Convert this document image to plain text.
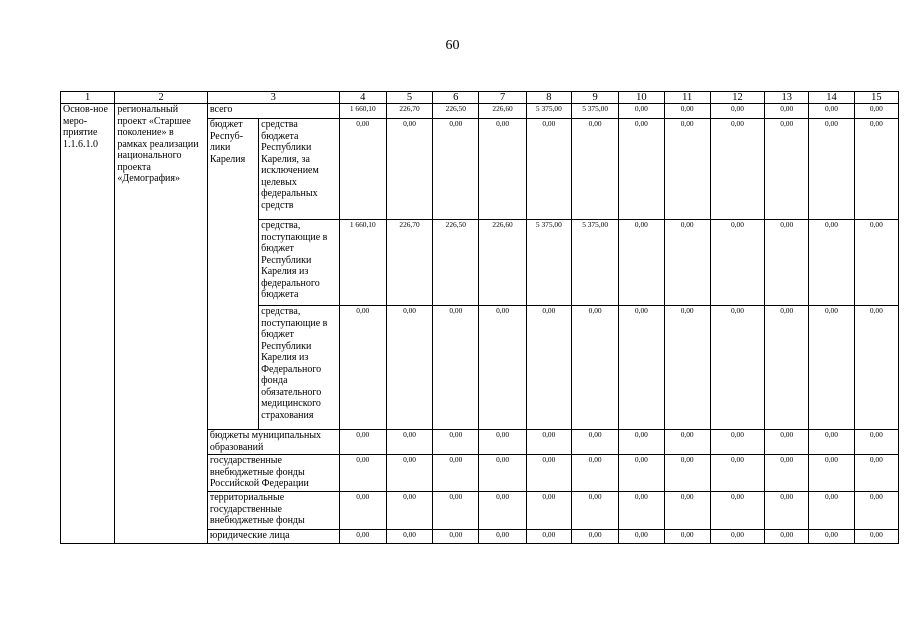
60
1	2	3		4	5	6	7	8	9	10	11	12	13	14	15
Основ-ное меро-приятие 1.1.6.1.0	региональный проект «Старшее поколение» в рамках реализации национального проекта «Демография»	всего		1 660,10	226,70	226,50	226,60	5 375,00	5 375,00	0,00	0,00	0,00	0,00	0,00	0,00
		бюджет Респуб-лики Карелия	средства бюджета Республики Карелия, за исключением целевых федеральных средств	0,00	0,00	0,00	0,00	0,00	0,00	0,00	0,00	0,00	0,00	0,00	0,00
			средства, поступающие в бюджет Республики Карелия из федерального бюджета	1 660,10	226,70	226,50	226,60	5 375,00	5 375,00	0,00	0,00	0,00	0,00	0,00	0,00
			средства, поступающие в бюджет Республики Карелия из Федерального фонда обязательного медицинского страхования	0,00	0,00	0,00	0,00	0,00	0,00	0,00	0,00	0,00	0,00	0,00	0,00
		бюджеты муниципальных образований		0,00	0,00	0,00	0,00	0,00	0,00	0,00	0,00	0,00	0,00	0,00	0,00
		государственные внебюджетные фонды Российской Федерации		0,00	0,00	0,00	0,00	0,00	0,00	0,00	0,00	0,00	0,00	0,00	0,00
		территориальные государственные внебюджетные фонды		0,00	0,00	0,00	0,00	0,00	0,00	0,00	0,00	0,00	0,00	0,00	0,00
		юридические лица		0,00	0,00	0,00	0,00	0,00	0,00	0,00	0,00	0,00	0,00	0,00	0,00
